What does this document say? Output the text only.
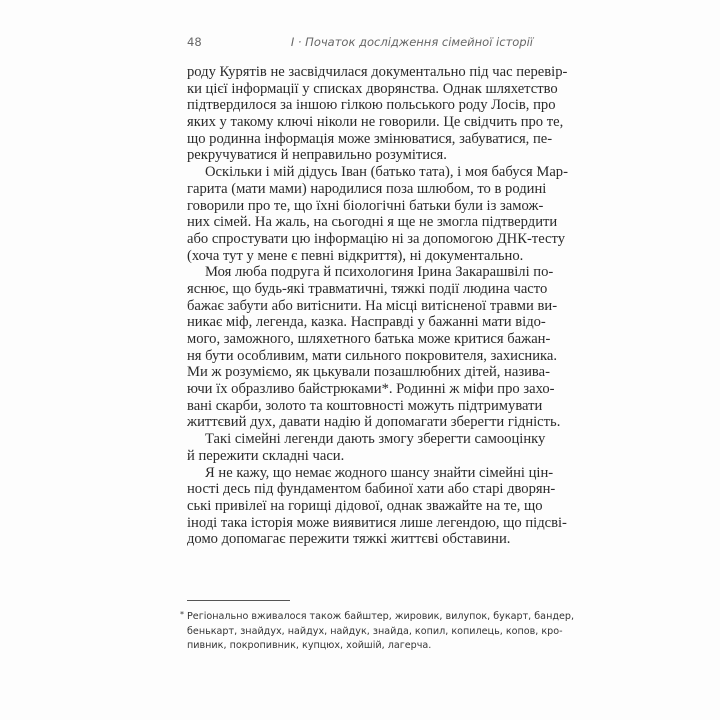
48	І · Початок дослідження сімейної історії
роду Курятів не засвідчилася документально під час перевір-
ки цієї інформації у списках дворянства. Однак шляхетство
підтвердилося за іншою гілкою польського роду Лосів, про
яких у такому ключі ніколи не говорили. Це свідчить про те,
що родинна інформація може змінюватися, забуватися, пе-
рекручуватися й неправильно розумітися.
Оскільки і мій дідусь Іван (батько тата), і моя бабуся Мар-
гарита (мати мами) народилися поза шлюбом, то в родині
говорили про те, що їхні біологічні батьки були із замож-
них сімей. На жаль, на сьогодні я ще не змогла підтвердити
або спростувати цю інформацію ні за допомогою ДНК-тесту
(хоча тут у мене є певні відкриття), ні документально.
Моя люба подруга й психологиня Ірина Закарашвілі по-
яснює, що будь-які травматичні, тяжкі події людина часто
бажає забути або витіснити. На місці витісненої травми ви-
никає міф, легенда, казка. Насправді у бажанні мати відо-
мого, заможного, шляхетного батька може критися бажан-
ня бути особливим, мати сильного покровителя, захисника.
Ми ж розуміємо, як цькували позашлюбних дітей, назива-
ючи їх образливо байстрюками*. Родинні ж міфи про захо-
вані скарби, золото та коштовності можуть підтримувати
життєвий дух, давати надію й допомагати зберегти гідність.
Такі сімейні легенди дають змогу зберегти самооцінку
й пережити складні часи.
Я не кажу, що немає жодного шансу знайти сімейні цін-
ності десь під фундаментом бабиної хати або старі дворян-
ські привілеї на горищі дідової, однак зважайте на те, що
іноді така історія може виявитися лише легендою, що підсві-
домо допомагає пережити тяжкі життєві обставини.
* Регіонально вживалося також байштер, жировик, вилупок, букарт, бандер,
бенькарт, знайдух, найдух, найдук, знайда, копил, копилець, копов, кро-
пивник, покропивник, купцюх, хойшій, лагерча.
